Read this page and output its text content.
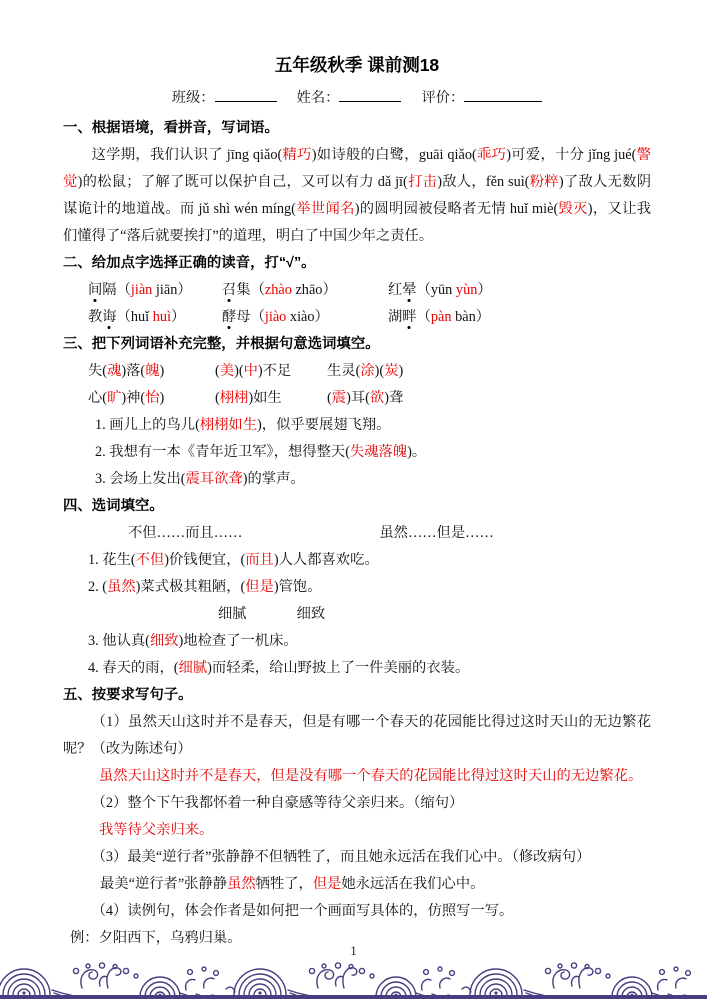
五年级秋季 课前测18

班级：	姓名：	评价：

一、根据语境，看拼音，写词语。

这学期，我们认识了 jīng qiǎo(精巧)如诗般的白鹭，guāi qiǎo(乖巧)可爱，十分 jǐng jué(警觉)的松鼠；了解了既可以保护自己，又可以有力 dǎ jī(打击)敌人，fěn suì(粉粹)了敌人无数阴谋诡计的地道战。而 jǔ shì wén míng(举世闻名)的圆明园被侵略者无情 huǐ miè(毁灭)，又让我们懂得了“落后就要挨打”的道理，明白了中国少年之责任。

二、给加点字选择正确的读音，打“√”。

间隔（jiàn jiān）	召集（zhào zhāo）	红晕（yūn yùn）

教诲（huǐ huì）	酵母（jiào xiào）	湖畔（pàn bàn）

三、把下列词语补充完整，并根据句意选词填空。

失(魂)落(魄)	(美)(中)不足	生灵(涂)(炭)

心(旷)神(怡)	(栩栩)如生	(震)耳(欲)聋

1. 画儿上的鸟儿(栩栩如生)，似乎要展翅飞翔。

2. 我想有一本《青年近卫军》，想得整天(失魂落魄)。

3. 会场上发出(震耳欲聋)的掌声。

四、选词填空。

不但……而且……	虽然……但是……

1. 花生(不但)价钱便宜，(而且)人人都喜欢吃。

2. (虽然)菜式极其粗陋，(但是)管饱。

细腻	细致

3. 他认真(细致)地检查了一机床。

4. 春天的雨，(细腻)而轻柔，给山野披上了一件美丽的衣装。

五、按要求写句子。

（1）虽然天山这时并不是春天，但是有哪一个春天的花园能比得过这时天山的无边繁花呢？（改为陈述句）

虽然天山这时并不是春天，但是没有哪一个春天的花园能比得过这时天山的无边繁花。

（2）整个下午我都怀着一种自豪感等待父亲归来。（缩句）

我等待父亲归来。

（3）最美“逆行者”张静静不但牺牲了，而且她永远活在我们心中。（修改病句）

最美“逆行者”张静静虽然牺牲了，但是她永远活在我们心中。

（4）读例句，体会作者是如何把一个画面写具体的，仿照写一写。

例：夕阳西下，乌鸦归巢。

1
